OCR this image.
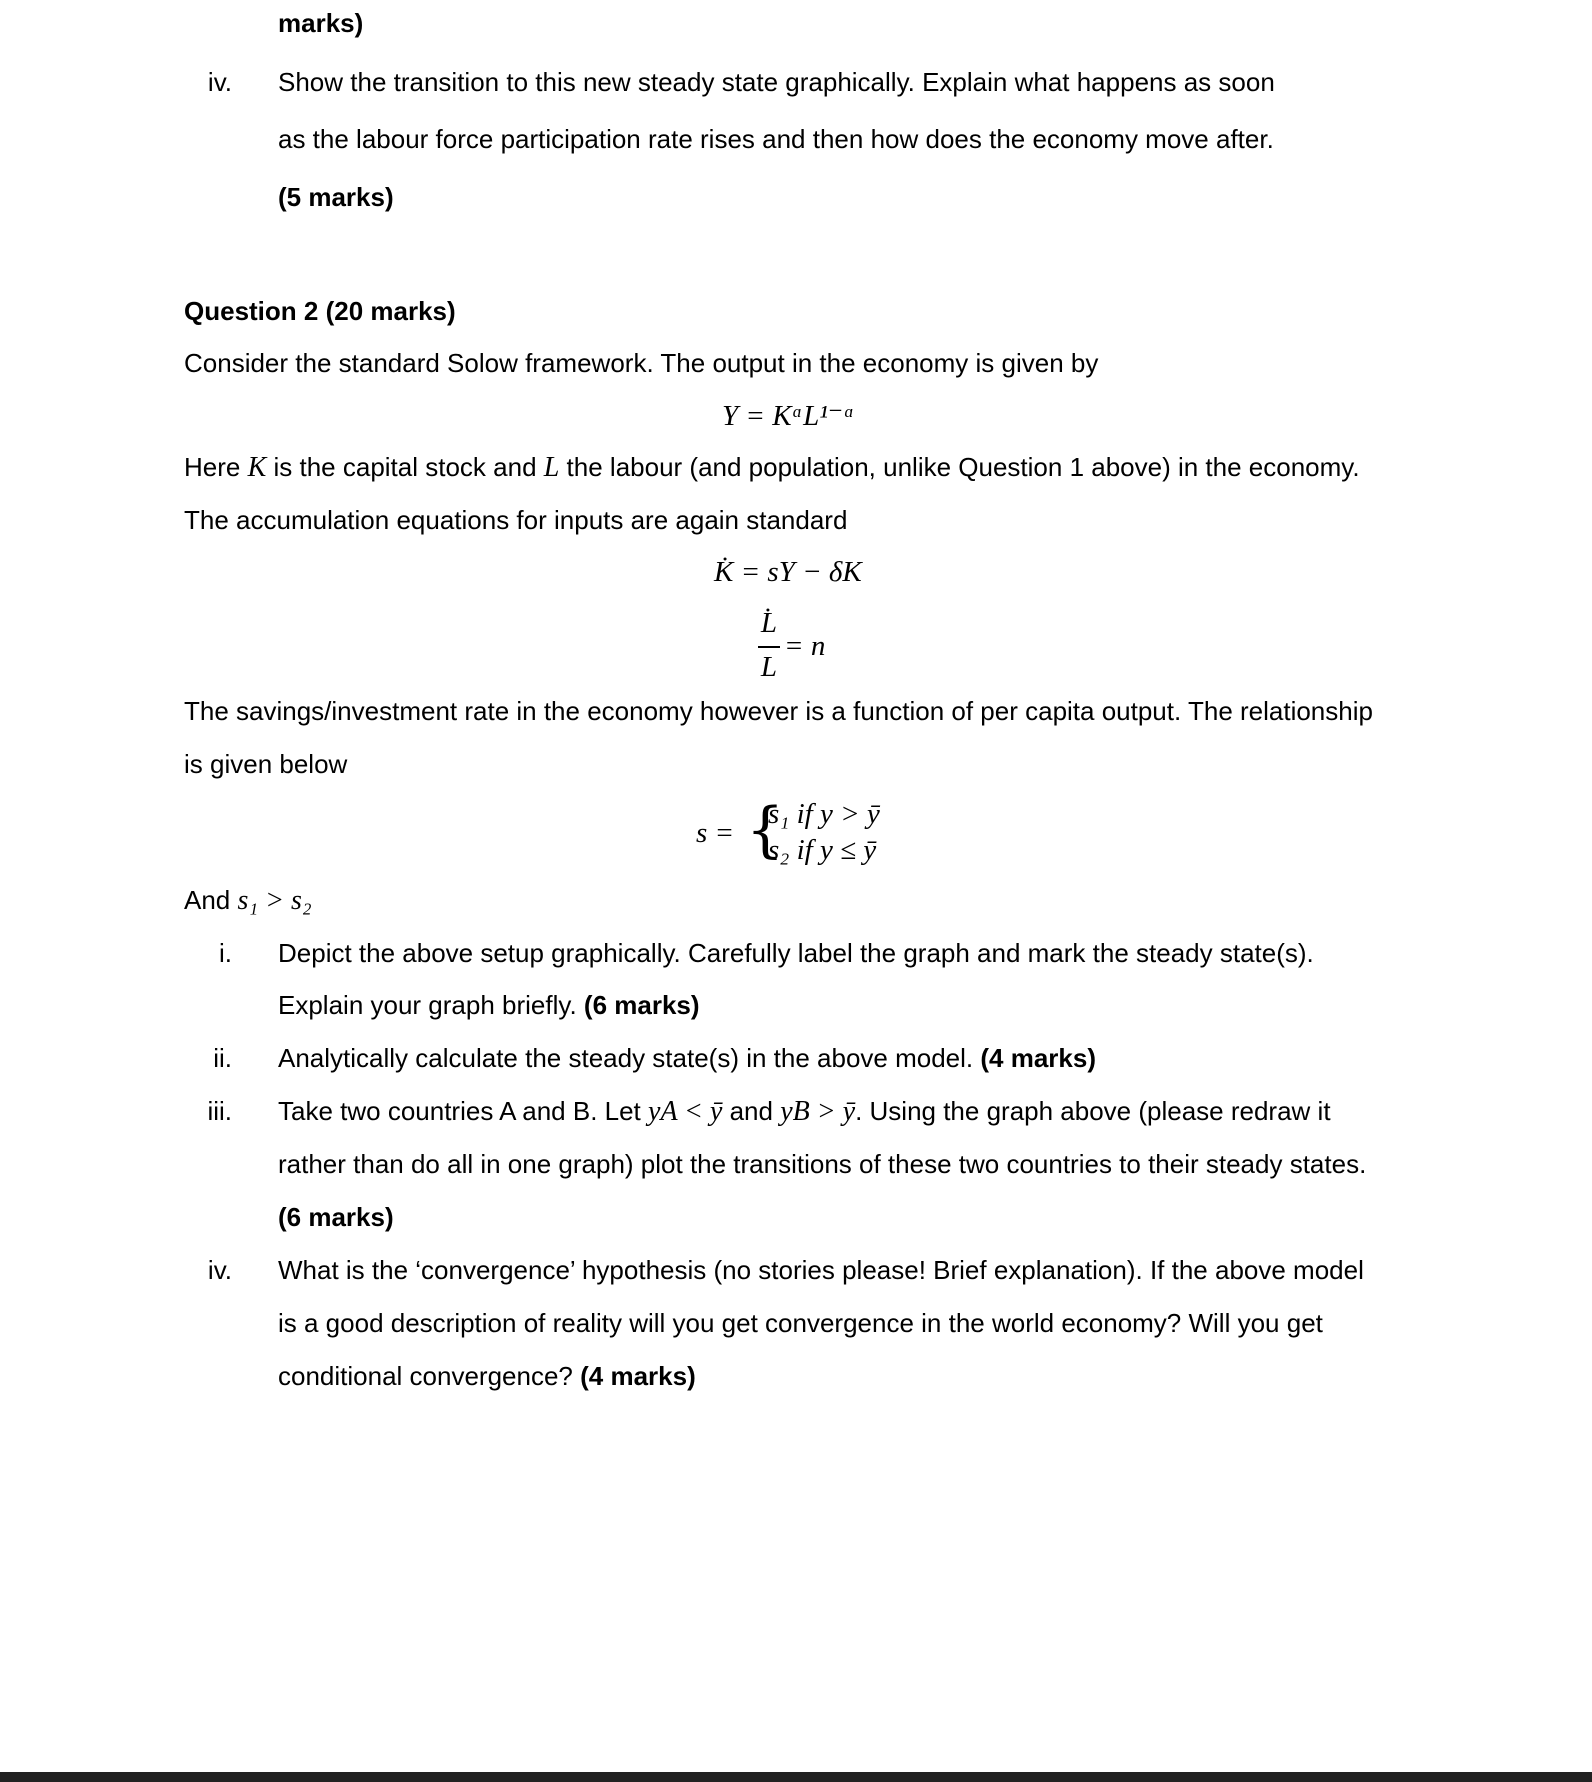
marks)
iv. Show the transition to this new steady state graphically. Explain what happens as soon
as the labour force participation rate rises and then how does the economy move after.
(5 marks)
Question 2 (20 marks)
Consider the standard Solow framework. The output in the economy is given by
Y = KᵅL¹⁻ᵅ
Here K is the capital stock and L the labour (and population, unlike Question 1 above) in the economy.
The accumulation equations for inputs are again standard
K̇ = sY − δK
L̇
L
= n
The savings/investment rate in the economy however is a function of per capita output. The relationship
is given below
s = {
s₁ if y > ȳ
s₂ if y ≤ ȳ
And s₁ > s₂
i. Depict the above setup graphically. Carefully label the graph and mark the steady state(s).
Explain your graph briefly. (6 marks)
ii. Analytically calculate the steady state(s) in the above model. (4 marks)
iii. Take two countries A and B. Let yA < ȳ and yB > ȳ. Using the graph above (please redraw it
rather than do all in one graph) plot the transitions of these two countries to their steady states.
(6 marks)
iv. What is the ‘convergence’ hypothesis (no stories please! Brief explanation). If the above model
is a good description of reality will you get convergence in the world economy? Will you get
conditional convergence? (4 marks)
